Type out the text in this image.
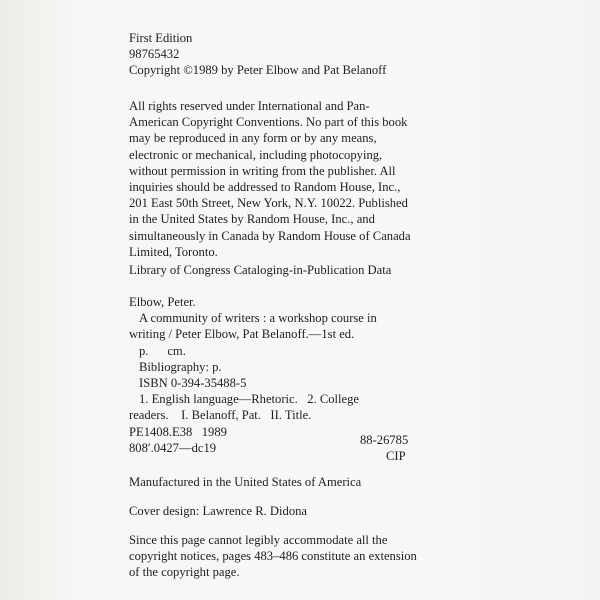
First Edition
98765432
Copyright ©1989 by Peter Elbow and Pat Belanoff
All rights reserved under International and Pan-
American Copyright Conventions. No part of this book
may be reproduced in any form or by any means,
electronic or mechanical, including photocopying,
without permission in writing from the publisher. All
inquiries should be addressed to Random House, Inc.,
201 East 50th Street, New York, N.Y. 10022. Published
in the United States by Random House, Inc., and
simultaneously in Canada by Random House of Canada
Limited, Toronto.
Library of Congress Cataloging-in-Publication Data
Elbow, Peter.
A community of writers : a workshop course in
writing / Peter Elbow, Pat Belanoff.—1st ed.
p.      cm.
Bibliography: p.
ISBN 0-394-35488-5
1. English language—Rhetoric.   2. College
readers.    I. Belanoff, Pat.   II. Title.
PE1408.E38   1989
808′.0427—dc19
88-26785
CIP
Manufactured in the United States of America
Cover design: Lawrence R. Didona
Since this page cannot legibly accommodate all the
copyright notices, pages 483–486 constitute an extension
of the copyright page.
